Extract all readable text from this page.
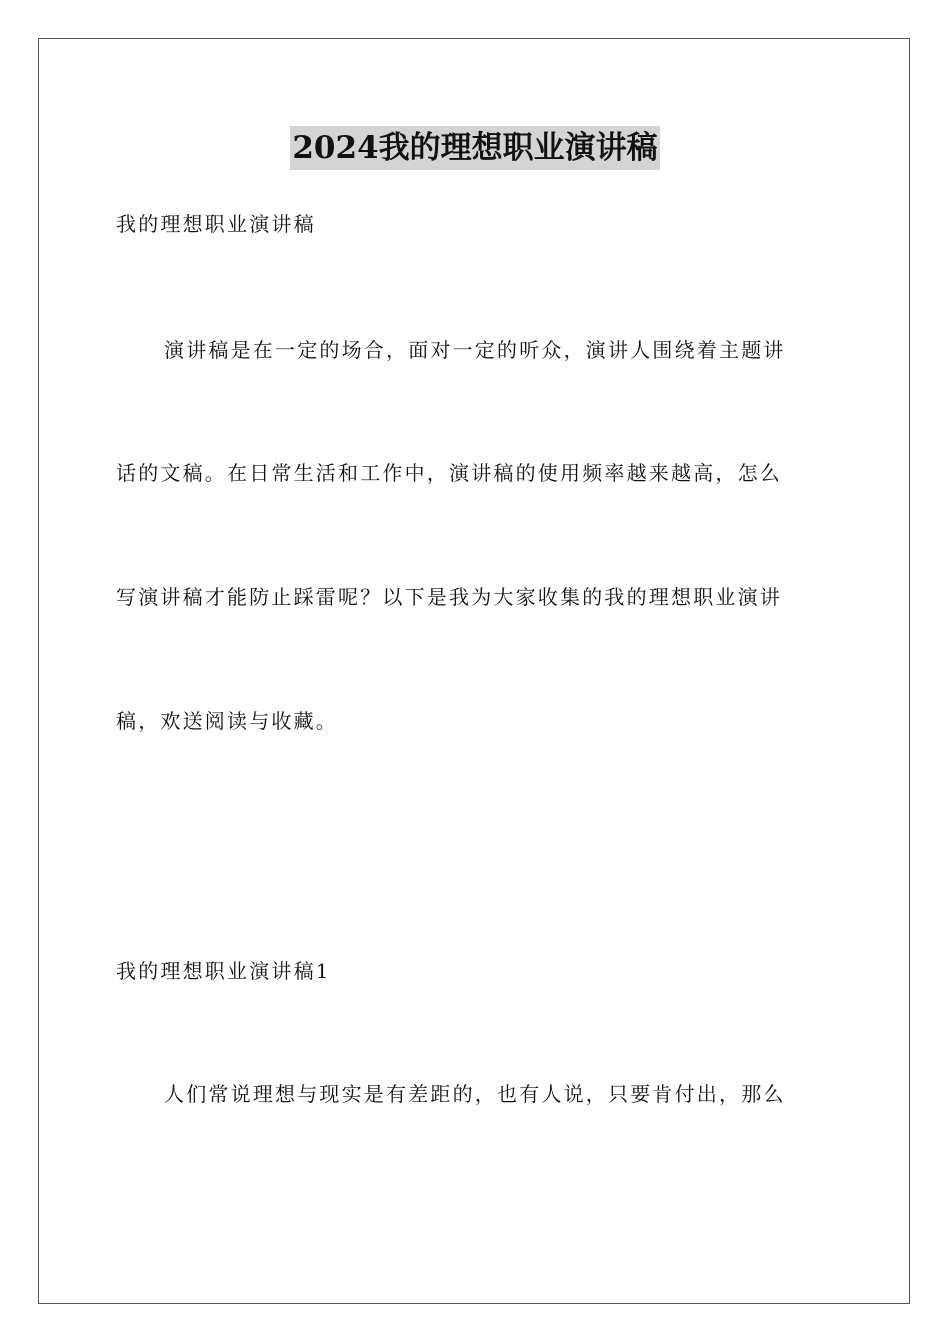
2024我的理想职业演讲稿
我的理想职业演讲稿
演讲稿是在一定的场合，面对一定的听众，演讲人围绕着主题讲
话的文稿。在日常生活和工作中，演讲稿的使用频率越来越高，怎么
写演讲稿才能防止踩雷呢？以下是我为大家收集的我的理想职业演讲
稿，欢送阅读与收藏。
我的理想职业演讲稿1
人们常说理想与现实是有差距的，也有人说，只要肯付出，那么
